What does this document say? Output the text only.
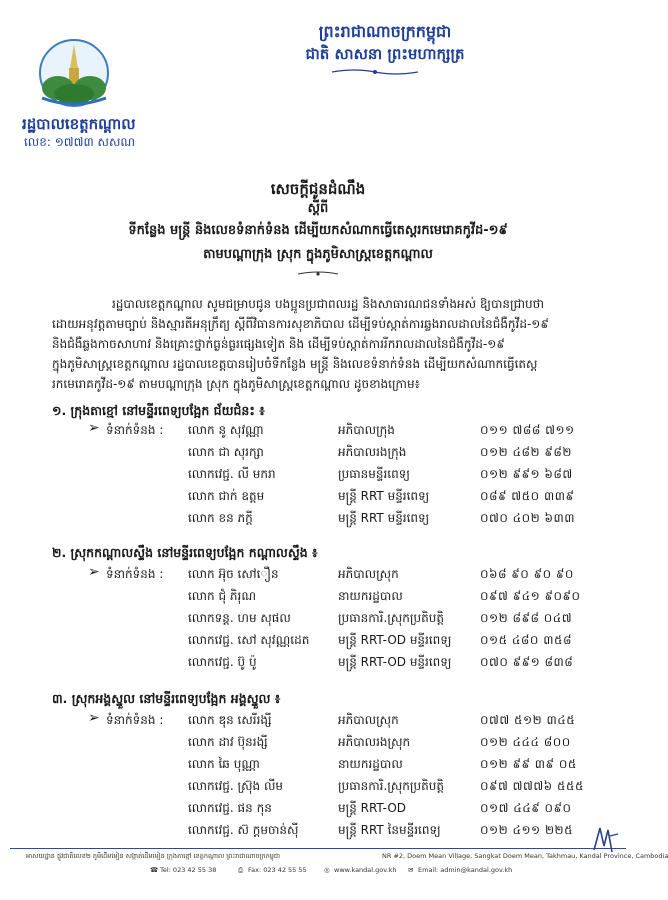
ព្រះរាជាណាចក្រកម្ពុជា
ជាតិ សាសនា ព្រះមហាក្សត្រ
រដ្ឋបាលខេត្តកណ្ដាល
លេខ: ១៧៧៣ សសណ
សេចក្ដីជូនដំណឹង
ស្ដីពី
ទីកន្លែង មន្ត្រី និងលេខទំនាក់ទំនង ដើម្បីយកសំណាកធ្វើតេស្តរកមេរោគកូវីដ-១៩
តាមបណ្ដាក្រុង ស្រុក ក្នុងភូមិសាស្ត្រខេត្តកណ្ដាល
រដ្ឋបាលខេត្តកណ្ដាល សូមជម្រាបជូន បងប្អូនប្រជាពលរដ្ឋ និងសាធារណជនទាំងអស់ ឱ្យបានជ្រាបថា
ដោយអនុវត្តតាមច្បាប់ និងស្មារតីអនុក្រឹត្យ ស្ដីពីវិធានការសុខាភិបាល ដើម្បីទប់ស្កាត់ការឆ្លងរាលដាលនៃជំងឺកូវីដ-១៩
និងជំងឺឆ្លងកាចសាហាវ និងគ្រោះថ្នាក់ធ្ងន់ធ្ងរផ្សេងទៀត និង ដើម្បីទប់ស្កាត់ការរីករាលដាលនៃជំងឺកូវីដ-១៩
ក្នុងភូមិសាស្ត្រខេត្តកណ្ដាល រដ្ឋបាលខេត្តបានរៀបចំទីកន្លែង មន្ត្រី និងលេខទំនាក់ទំនង ដើម្បីយកសំណាកធ្វើតេស្ត
រកមេរោគកូវីដ-១៩ តាមបណ្ដាក្រុង ស្រុក ក្នុងភូមិសាស្ត្រខេត្តកណ្ដាល ដូចខាងក្រោម៖
១. ក្រុងតាខ្មៅ នៅមន្ទីរពេទ្យបង្អែក ជ័យជំនះ ៖
➢ ទំនាក់ទំនង : លោក នូ សុវណ្ណា	អភិបាលក្រុង	០១១ ៧៨៨ ៧១១
លោក ជា សុរក្សា	អភិបាលរងក្រុង	០១២ ៤៨២ ៩៨២
លោកវេជ្ជ. លី មករា	ប្រធានមន្ទីរពេទ្យ	០១២ ៩៩១ ៦៨៧
លោក ជាក់ ឧត្តម	មន្ត្រី RRT មន្ទីរពេទ្យ	០៨៩ ៧៥០ ៣៣៩
លោក ខន ភក្តី	មន្ត្រី RRT មន្ទីរពេទ្យ	០៧០ ៤០២ ៦៣៣
២. ស្រុកកណ្ដាលស្ទឹង នៅមន្ទីរពេទ្យបង្អែក កណ្ដាលស្ទឹង ៖
➢ ទំនាក់ទំនង : លោក អ៊ុច សៅឿន	អភិបាលស្រុក	០៦៨ ៩០ ៩០ ៩០
លោក ជុំ ភិរុណ	នាយករដ្ឋបាល	០៩៧ ៩៤១ ៩០៩០
លោកទន្ត. ហម សុផល	ប្រធានការិ.ស្រុកប្រតិបត្តិ	០១២ ៨៩៨ ០៤៧
លោកវេជ្ជ. សៅ សុវណ្ណដេត មន្ត្រី RRT-OD មន្ទីរពេទ្យ	០១៥ ៤៨០ ៣៥៨
លោកវេជ្ជ. ប៊ូ ប៉ូ	មន្ត្រី RRT-OD មន្ទីរពេទ្យ	០៧០ ៩៩១ ៨៣៨
៣. ស្រុកអង្គស្នួល នៅមន្ទីរពេទ្យបង្អែក អង្គស្នួល ៖
➢ ទំនាក់ទំនង : លោក ឌុន សេរីរង្សី	អភិបាលស្រុក	០៧៧ ៥១២ ៣៤៥
លោក ដាវ ប៊ុនរង្សី	អភិបាលរងស្រុក	០១២ ៤៤៤ ៨០០
លោក ឆៃ បុណ្ណា	នាយករដ្ឋបាល	០១២ ៩៩ ៣៩ ០៥
លោកវេជ្ជ. ស្រ៊ុង លីម	ប្រធានការិ.ស្រុកប្រតិបត្តិ	០៩៧ ៧៧៧៦ ៥៥៥
លោកវេជ្ជ. ផន កុន	មន្ត្រី RRT-OD	០១៧ ៤៤៩ ០៩០
លោកវេជ្ជ. ស៊ ក្ដមចាន់ស៊ី	មន្ត្រី RRT នៃមន្ទីរពេទ្យ	០១២ ៤១១ ២២៥
អាសយដ្ឋាន ផ្លូវជាតិលេខ២ ភូមិដើមមៀន សង្កាត់ដើមមៀន ក្រុងតាខ្មៅ ខេត្តកណ្ដាល ព្រះរាជាណាចក្រកម្ពុជា	NR #2, Doem Mean Village, Sangkat Doem Mean, Takhmau, Kandal Province, Cambodia
☎ Tel: 023 42 55 38	⎙ Fax: 023 42 55 55	◎ www.kandal.gov.kh ✉ Email: admin@kandal.gov.kh
